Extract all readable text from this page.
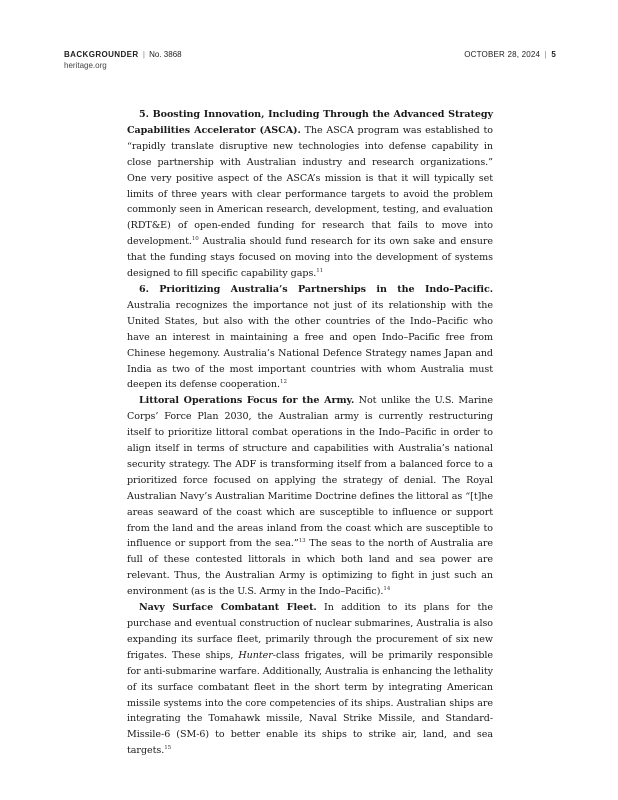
BACKGROUNDER | No. 3868
heritage.org
OCTOBER 28, 2024 | 5

5. Boosting Innovation, Including Through the Advanced Strategy Capabilities Accelerator (ASCA). The ASCA program was established to “rapidly translate disruptive new technologies into defense capability in close partnership with Australian industry and research organizations.” One very positive aspect of the ASCA’s mission is that it will typically set limits of three years with clear performance targets to avoid the problem commonly seen in American research, development, testing, and evaluation (RDT&E) of open-ended funding for research that fails to move into development.$^{10}$ Australia should fund research for its own sake and ensure that the funding stays focused on moving into the development of systems designed to fill specific capability gaps.$^{11}$

6. Prioritizing Australia’s Partnerships in the Indo–Pacific. Australia recognizes the importance not just of its relationship with the United States, but also with the other countries of the Indo–Pacific who have an interest in maintaining a free and open Indo–Pacific free from Chinese hegemony. Australia’s National Defence Strategy names Japan and India as two of the most important countries with whom Australia must deepen its defense cooperation.$^{12}$

Littoral Operations Focus for the Army. Not unlike the U.S. Marine Corps’ Force Plan 2030, the Australian army is currently restructuring itself to prioritize littoral combat operations in the Indo–Pacific in order to align itself in terms of structure and capabilities with Australia’s national security strategy. The ADF is transforming itself from a balanced force to a prioritized force focused on applying the strategy of denial. The Royal Australian Navy’s Australian Maritime Doctrine defines the littoral as “[t]he areas seaward of the coast which are susceptible to influence or support from the land and the areas inland from the coast which are susceptible to influence or support from the sea.”$^{13}$ The seas to the north of Australia are full of these contested littorals in which both land and sea power are relevant. Thus, the Australian Army is optimizing to fight in just such an environment (as is the U.S. Army in the Indo–Pacific).$^{14}$

Navy Surface Combatant Fleet. In addition to its plans for the purchase and eventual construction of nuclear submarines, Australia is also expanding its surface fleet, primarily through the procurement of six new frigates. These ships, Hunter-class frigates, will be primarily responsible for anti-submarine warfare. Additionally, Australia is enhancing the lethality of its surface combatant fleet in the short term by integrating American missile systems into the core competencies of its ships. Australian ships are integrating the Tomahawk missile, Naval Strike Missile, and Standard-Missile-6 (SM-6) to better enable its ships to strike air, land, and sea targets.$^{15}$
